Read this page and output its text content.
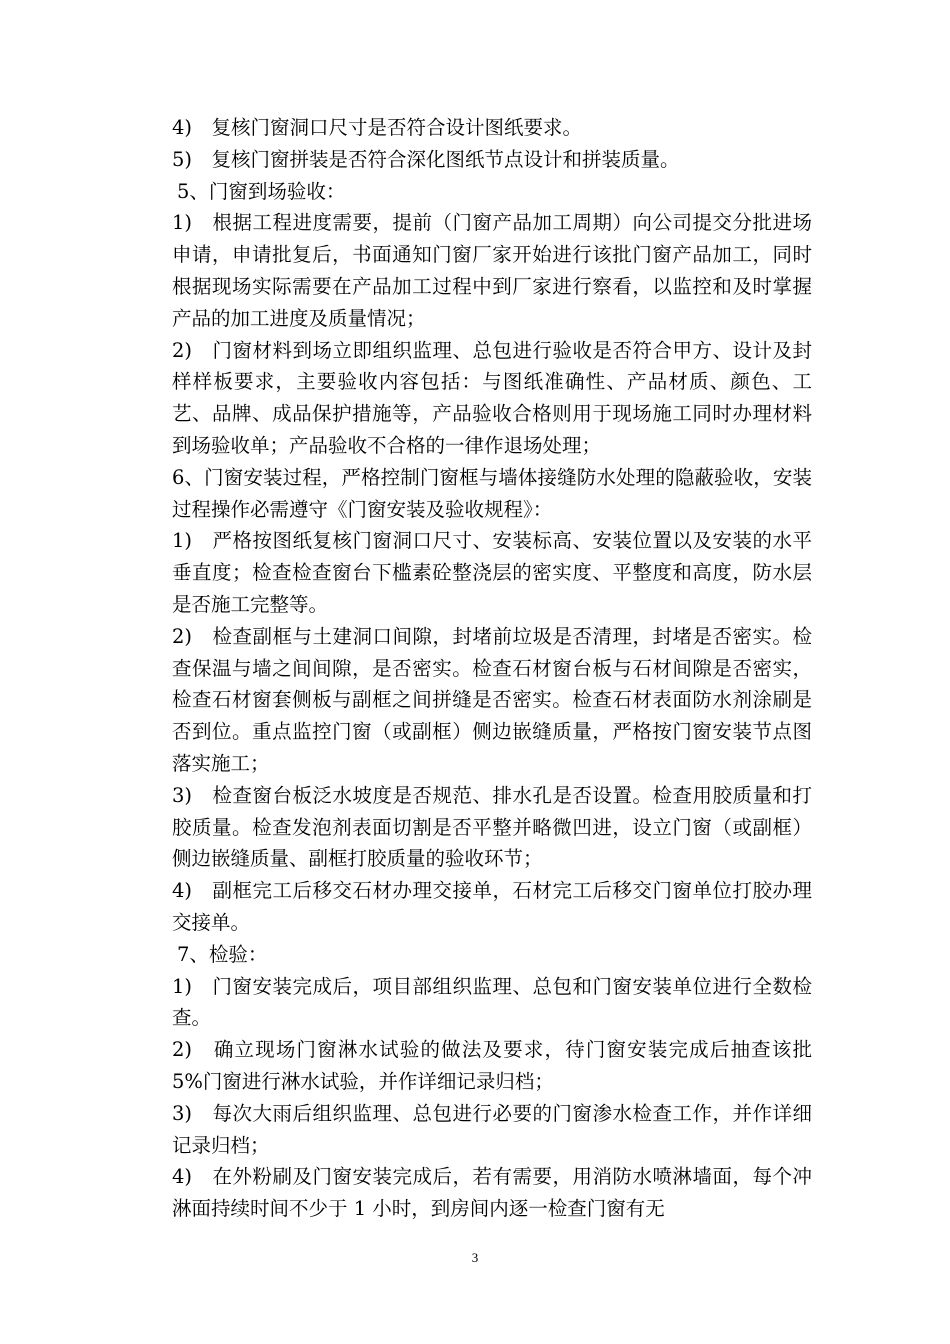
4)　复核门窗洞口尺寸是否符合设计图纸要求。

5)　复核门窗拼装是否符合深化图纸节点设计和拼装质量。

5、门窗到场验收：

1)　根据工程进度需要，提前（门窗产品加工周期）向公司提交分批进场申请，申请批复后，书面通知门窗厂家开始进行该批门窗产品加工，同时根据现场实际需要在产品加工过程中到厂家进行察看，以监控和及时掌握产品的加工进度及质量情况；

2)　门窗材料到场立即组织监理、总包进行验收是否符合甲方、设计及封样样板要求，主要验收内容包括：与图纸准确性、产品材质、颜色、工艺、品牌、成品保护措施等，产品验收合格则用于现场施工同时办理材料到场验收单；产品验收不合格的一律作退场处理；

6、门窗安装过程，严格控制门窗框与墙体接缝防水处理的隐蔽验收，安装过程操作必需遵守《门窗安装及验收规程》：

1)　严格按图纸复核门窗洞口尺寸、安装标高、安装位置以及安装的水平垂直度；检查检查窗台下槛素砼整浇层的密实度、平整度和高度，防水层是否施工完整等。

2)　检查副框与土建洞口间隙，封堵前垃圾是否清理，封堵是否密实。检查保温与墙之间间隙，是否密实。检查石材窗台板与石材间隙是否密实，检查石材窗套侧板与副框之间拼缝是否密实。检查石材表面防水剂涂刷是否到位。重点监控门窗（或副框）侧边嵌缝质量，严格按门窗安装节点图落实施工；

3)　检查窗台板泛水坡度是否规范、排水孔是否设置。检查用胶质量和打胶质量。检查发泡剂表面切割是否平整并略微凹进，设立门窗（或副框）侧边嵌缝质量、副框打胶质量的验收环节；

4)　副框完工后移交石材办理交接单，石材完工后移交门窗单位打胶办理交接单。

7、检验：

1)　门窗安装完成后，项目部组织监理、总包和门窗安装单位进行全数检查。

2)　确立现场门窗淋水试验的做法及要求，待门窗安装完成后抽查该批 5%门窗进行淋水试验，并作详细记录归档；

3)　每次大雨后组织监理、总包进行必要的门窗渗水检查工作，并作详细记录归档；

4)　在外粉刷及门窗安装完成后，若有需要，用消防水喷淋墙面，每个冲淋面持续时间不少于 1 小时，到房间内逐一检查门窗有无

3
